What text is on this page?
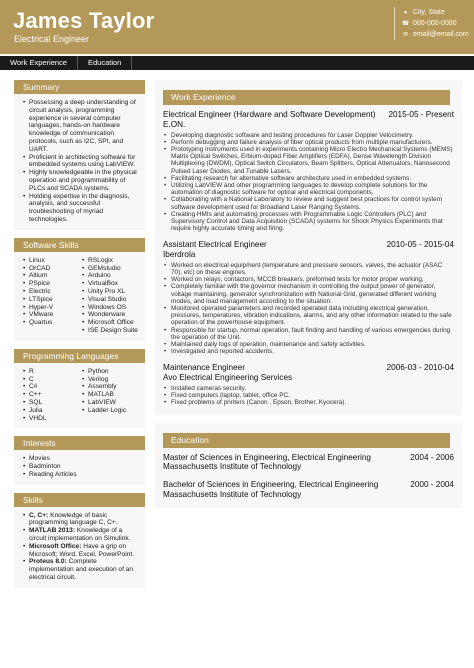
James Taylor
Electrical Engineer
● City, State
☎ 000-000-0000
✉ email@email.com
Work Experience	Education
Summary
• Possessing a deep understanding of circuit analysis, programming experience in several computer languages, hands-on hardware knowledge of communication protocols, such as I2C, SPI, and UART.
• Proficient in architecting software for embedded systems using LabVIEW.
• Highly knowledgeable in the physical operation and programmability of PLCs and SCADA systems.
• Holding expertise in the diagnosis, analysis, and successful troubleshooting of myriad technologies.
Software Skills
• Linux
• OrCAD
• Altium
• PSpice
• Electric
• LTSpice
• Hyper-V
• VMware
• Quartus
• RSLogix
• GEMstudio
• Arduino
• VirtualBox
• Unity Pro XL
• Visual Studio
• Windows OS
• Wonderware
• Microsoft Office
• ISE Design Suite
Programming Languages
• R
• C
• C#
• C++
• SQL
• Julia
• VHDL
• Python
• Verilog
• Assembly
• MATLAB
• LabVIEW
• Ladder Logic
Interests
• Movies
• Badminton
• Reading Articles
Skills
• C, C+: Knowledge of basic programming language C, C+.
• MATLAB 2013: Knowledge of a circuit implementation on Simulink.
• Microsoft Office: Have a grip on Microsoft; Word, Excel, PowerPoint.
• Proteus 8.0: Complete implementation and execution of an electrical circuit.
Work Experience
Electrical Engineer (Hardware and Software Development)	2015-05 - Present
E.ON.
• Developing diagnostic software and testing procedures for Laser Doppler Velocimetry.
• Perform debugging and failure analysis of fiber optical products from multiple manufacturers.
• Prototyping instruments used in experiments containing Micro Electro Mechanical Systems (MEMS) Matrix Optical Switches, Erbium-doped Fiber Amplifiers (EDFA), Dense Wavelength Division Multiplexing (DWDM), Optical Switch Circulators, Beam Splitters, Optical Attenuators, Nanosecond Pulsed Laser Diodes, and Tunable Lasers.
• Facilitating research for alternative software architecture used in embedded systems.
• Utilizing LabVIEW and other programming languages to develop complete solutions for the automation of diagnostic software for optical and electrical components.
• Collaborating with a National Laboratory to review and suggest best practices for control system software development used for Broadland Laser Ranging Systems.
• Creating HMIs and automating processes with Programmable Logic Controllers (PLC) and Supervisory Control and Data Acquisition (SCADA) systems for Shock Physics Experiments that require highly accurate timing and firing.
Assistant Electrical Engineer	2010-05 - 2015-04
Iberdrola
• Worked on electrical equipment (temperature and pressure sensors, valves, the actuator (ASAC 70), etc) on these engines.
• Worked on relays, contactors, MCCB breakers, preformed tests for motor proper working.
• Completely familiar with the governor mechanism in controlling the output power of generator, voltage maintaining, generator synchronization with National Grid, generated different working modes, and load management according to the situation.
• Monitored operated parameters and recorded operated data including electrical generation, pressures, temperatures, vibration indications, alarms, and any other information related to the safe operation of the powerhouse equipment.
• Responsible for startup, normal operation, fault finding and handling of various emergencies during the operation of the Unit.
• Maintained daily logs of operation, maintenance and safety activities.
• Investigated and reported accidents.
Maintenance Engineer	2006-03 - 2010-04
Avo Electrical Engineering Services
• Installed cameras security.
• Fixed computers (laptop, tablet, office PC.
• Fixed problems of printers (Canon , Epson, Brother, Kyocera).
Education
Master of Sciences in Engineering, Electrical Engineering	2004 - 2006
Massachusetts Institute of Technology
Bachelor of Sciences in Engineering, Electrical Engineering	2000 - 2004
Massachusetts Institute of Technology
